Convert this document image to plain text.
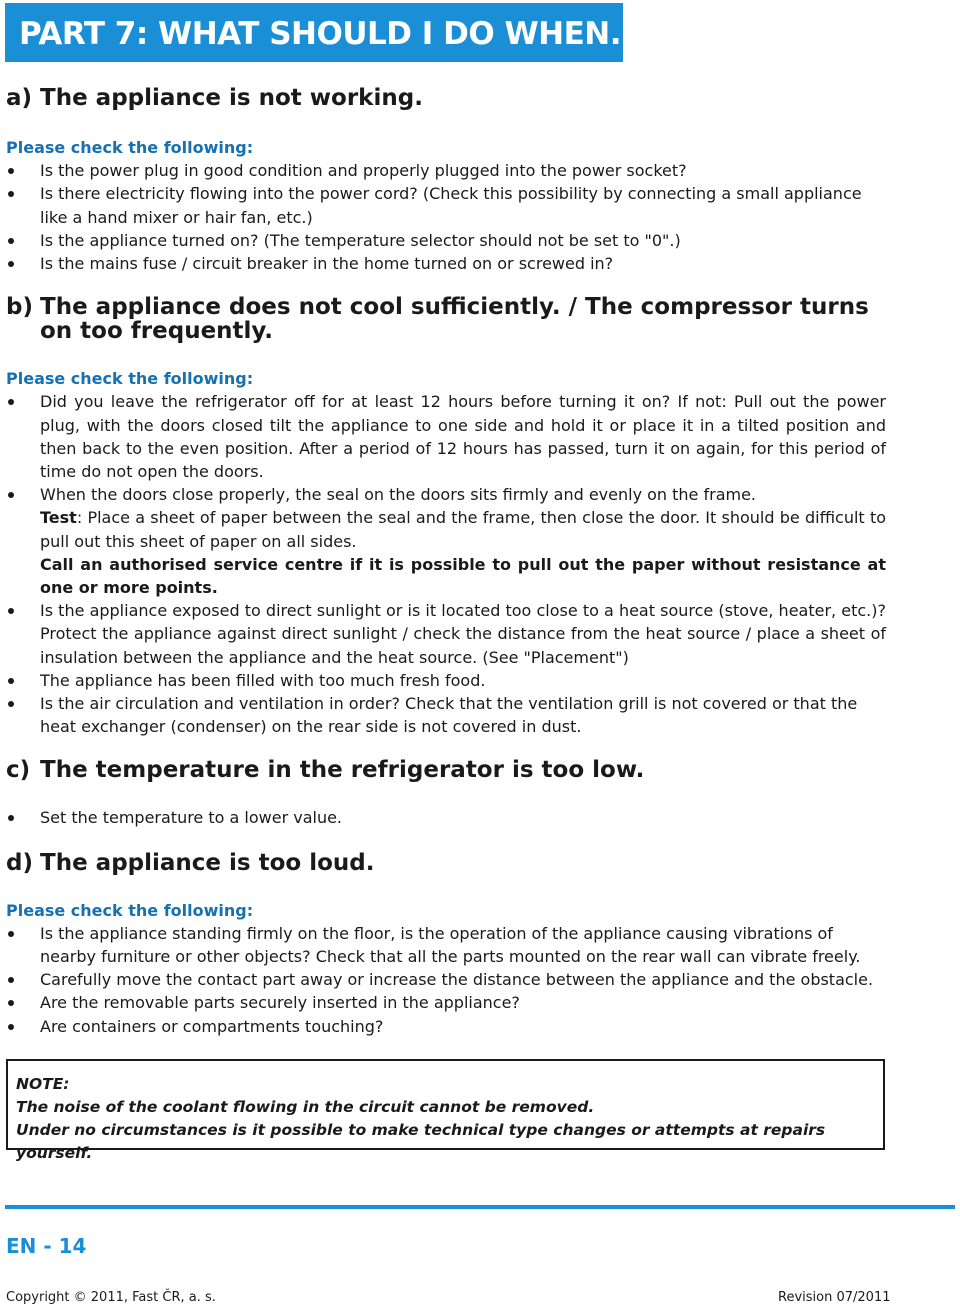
PART 7: WHAT SHOULD I DO WHEN...
a) The appliance is not working.

Please check the following:

Is the power plug in good condition and properly plugged into the power socket?
Is there electricity flowing into the power cord? (Check this possibility by connecting a small appliance like a hand mixer or hair fan, etc.)
Is the appliance turned on? (The temperature selector should not be set to "0".)
Is the mains fuse / circuit breaker in the home turned on or screwed in?
b) The appliance does not cool sufficiently. / The compressor turns on too frequently.

Please check the following:

Did you leave the refrigerator off for at least 12 hours before turning it on? If not: Pull out the power plug, with the doors closed tilt the appliance to one side and hold it or place it in a tilted position and then back to the even position. After a period of 12 hours has passed, turn it on again, for this period of time do not open the doors.
When the doors close properly, the seal on the doors sits firmly and evenly on the frame.
Test: Place a sheet of paper between the seal and the frame, then close the door. It should be difficult to pull out this sheet of paper on all sides.
Call an authorised service centre if it is possible to pull out the paper without resistance at one or more points.
Is the appliance exposed to direct sunlight or is it located too close to a heat source (stove, heater, etc.)? Protect the appliance against direct sunlight / check the distance from the heat source / place a sheet of insulation between the appliance and the heat source. (See "Placement")
The appliance has been filled with too much fresh food.
Is the air circulation and ventilation in order? Check that the ventilation grill is not covered or that the heat exchanger (condenser) on the rear side is not covered in dust.
c) The temperature in the refrigerator is too low.
Set the temperature to a lower value.
d) The appliance is too loud.

Please check the following:

Is the appliance standing firmly on the floor, is the operation of the appliance causing vibrations of nearby furniture or other objects? Check that all the parts mounted on the rear wall can vibrate freely.
Carefully move the contact part away or increase the distance between the appliance and the obstacle.
Are the removable parts securely inserted in the appliance?
Are containers or compartments touching?
NOTE:
The noise of the coolant flowing in the circuit cannot be removed.
Under no circumstances is it possible to make technical type changes or attempts at repairs yourself.
EN - 14
Copyright © 2011, Fast ČR, a. s.	Revision 07/2011
